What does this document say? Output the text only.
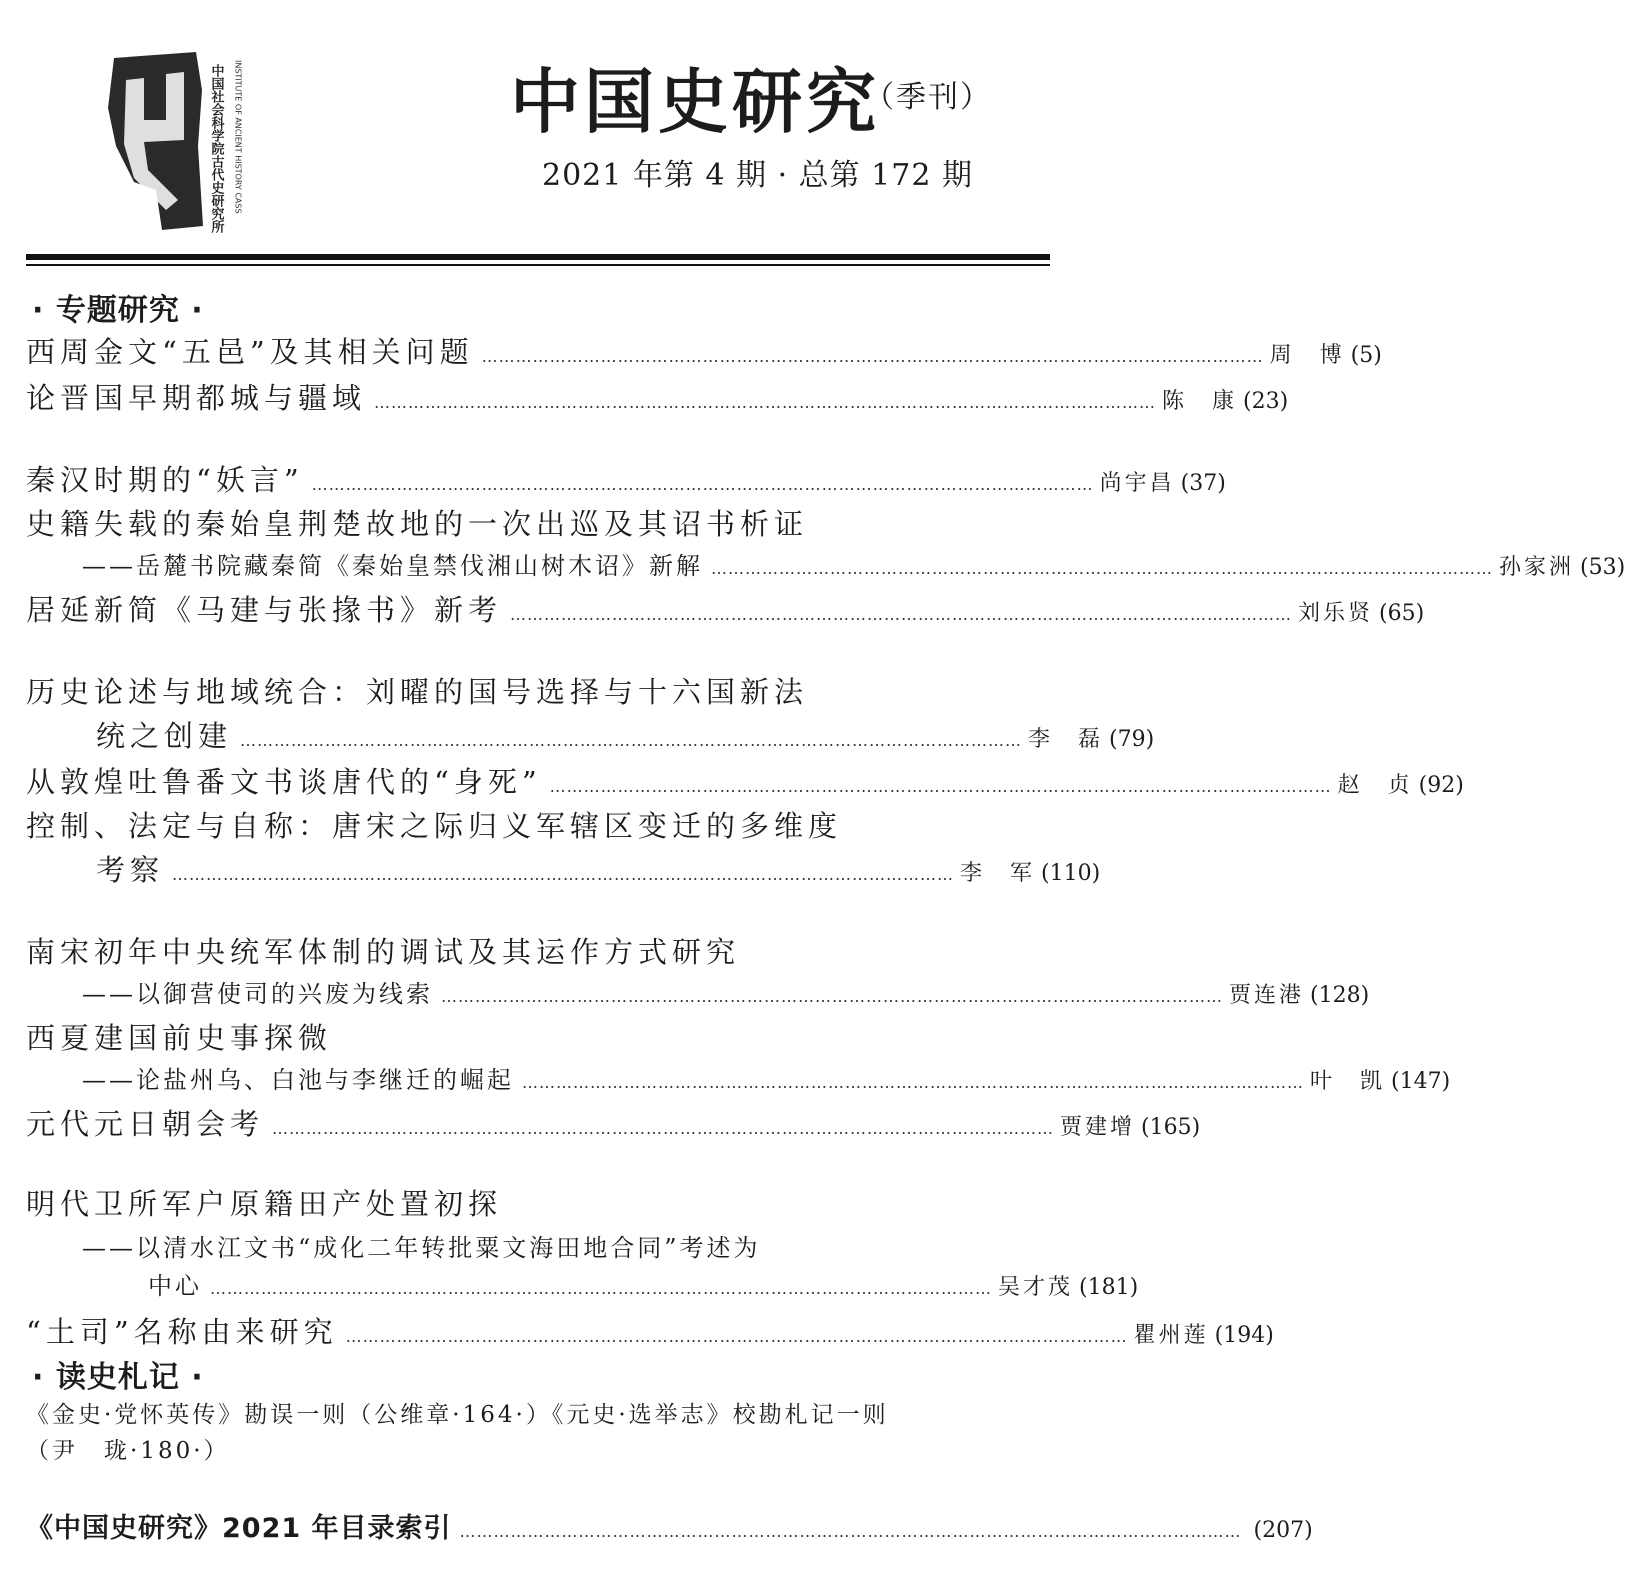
中国社会科学院古代史研究所 INSTITUTE OF ANCIENT HISTORY CASS
史
中国史研究
（季刊）
2021 年第 4 期 · 总第 172 期
· 专题研究 ·
西周金文“五邑”及其相关问题 ………………………………………………………………………………………………………………………… 周　博 (5)
论晋国早期都城与疆域 ………………………………………………………………………………………………………………………… 陈　康 (23)
秦汉时期的“妖言” ………………………………………………………………………………………………………………………… 尚宇昌 (37)
史籍失载的秦始皇荆楚故地的一次出巡及其诏书析证
——岳麓书院藏秦简《秦始皇禁伐湘山树木诏》新解 ………………………………………………………………………………………………………………………… 孙家洲 (53)
居延新简《马建与张掾书》新考 ………………………………………………………………………………………………………………………… 刘乐贤 (65)
历史论述与地域统合：刘曜的国号选择与十六国新法
统之创建 ………………………………………………………………………………………………………………………… 李　磊 (79)
从敦煌吐鲁番文书谈唐代的“身死” ………………………………………………………………………………………………………………………… 赵　贞 (92)
控制、法定与自称：唐宋之际归义军辖区变迁的多维度
考察 ………………………………………………………………………………………………………………………… 李　军 (110)
南宋初年中央统军体制的调试及其运作方式研究
——以御营使司的兴废为线索 ………………………………………………………………………………………………………………………… 贾连港 (128)
西夏建国前史事探微
——论盐州乌、白池与李继迁的崛起 ………………………………………………………………………………………………………………………… 叶　凯 (147)
元代元日朝会考 ………………………………………………………………………………………………………………………… 贾建增 (165)
明代卫所军户原籍田产处置初探
——以清水江文书“成化二年转批粟文海田地合同”考述为
中心 ………………………………………………………………………………………………………………………… 吴才茂 (181)
“土司”名称由来研究 ………………………………………………………………………………………………………………………… 瞿州莲 (194)
· 读史札记 ·
《金史·党怀英传》勘误一则（公维章·164·）《元史·选举志》校勘札记一则
（尹　珑·180·）
《中国史研究》2021 年目录索引 ………………………………………………………………………………………………………………………… (207)
